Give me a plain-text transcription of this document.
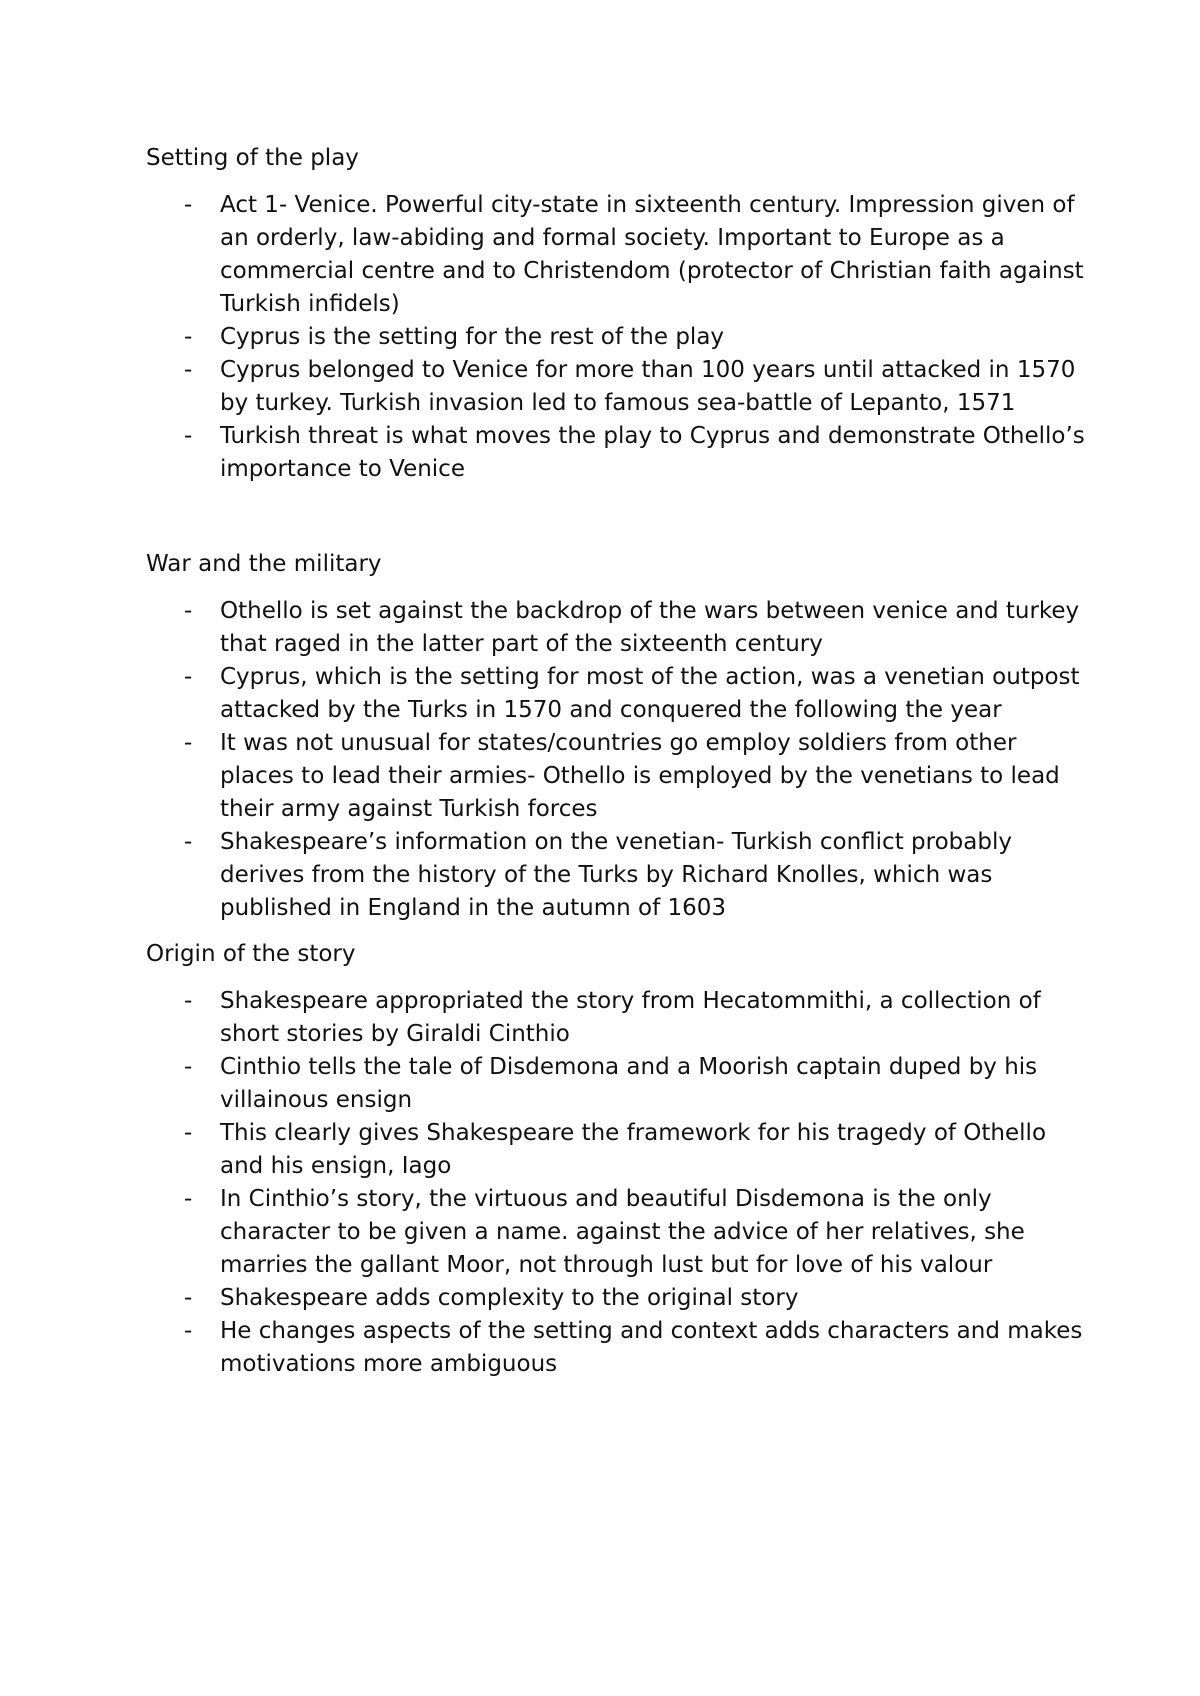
Setting of the play

- Act 1- Venice. Powerful city-state in sixteenth century. Impression given of an orderly, law-abiding and formal society. Important to Europe as a commercial centre and to Christendom (protector of Christian faith against Turkish infidels)
- Cyprus is the setting for the rest of the play
- Cyprus belonged to Venice for more than 100 years until attacked in 1570 by turkey. Turkish invasion led to famous sea-battle of Lepanto, 1571
- Turkish threat is what moves the play to Cyprus and demonstrate Othello’s importance to Venice

War and the military

- Othello is set against the backdrop of the wars between venice and turkey that raged in the latter part of the sixteenth century
- Cyprus, which is the setting for most of the action, was a venetian outpost attacked by the Turks in 1570 and conquered the following the year
- It was not unusual for states/countries go employ soldiers from other places to lead their armies- Othello is employed by the venetians to lead their army against Turkish forces
- Shakespeare’s information on the venetian- Turkish conflict probably derives from the history of the Turks by Richard Knolles, which was published in England in the autumn of 1603

Origin of the story

- Shakespeare appropriated the story from Hecatommithi, a collection of short stories by Giraldi Cinthio
- Cinthio tells the tale of Disdemona and a Moorish captain duped by his villainous ensign
- This clearly gives Shakespeare the framework for his tragedy of Othello and his ensign, Iago
- In Cinthio’s story, the virtuous and beautiful Disdemona is the only character to be given a name. against the advice of her relatives, she marries the gallant Moor, not through lust but for love of his valour
- Shakespeare adds complexity to the original story
- He changes aspects of the setting and context adds characters and makes motivations more ambiguous
